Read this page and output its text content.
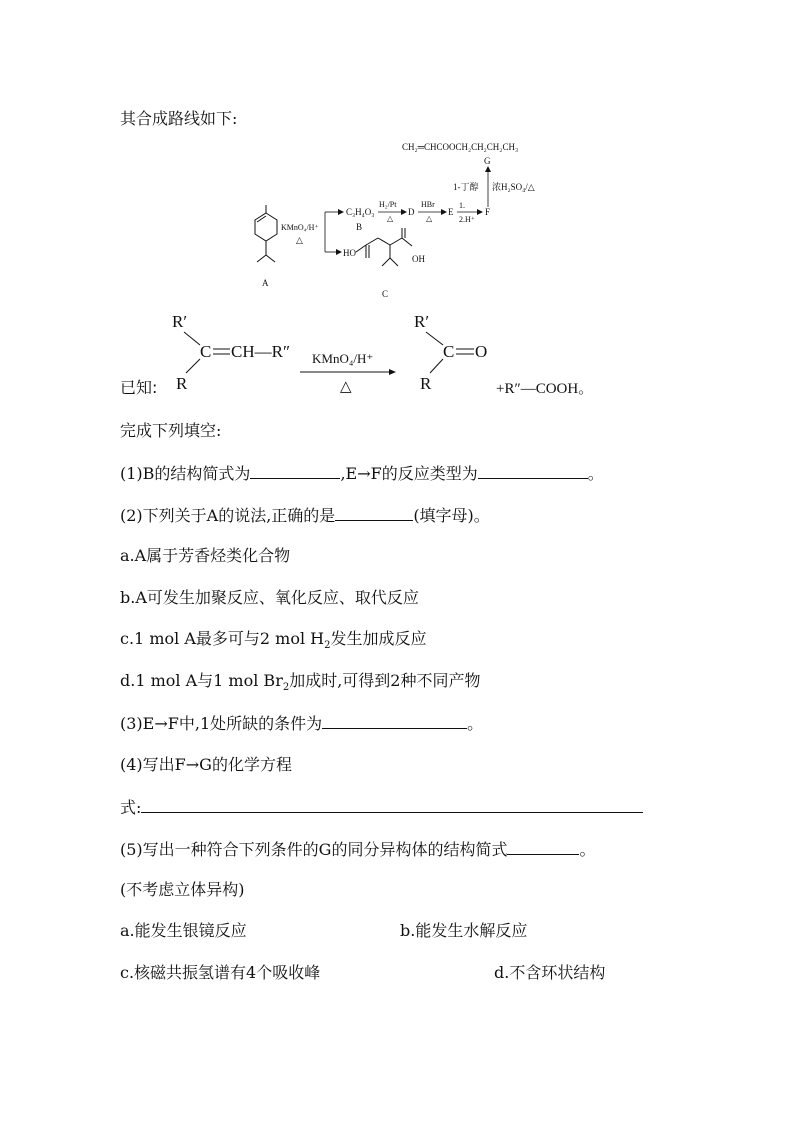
其合成路线如下:
CH₂═CHCOOCH₂CH₂CH₂CH₃
G
1-丁醇 浓H₂SO₄/△
A
KMnO₄/H⁺
△
C₃H₄O₃
B
H₂/Pt
△
D
HBr
△
E
1.
2.H⁺
F
HO
OH
C
已知:
R′
C CH—R″
R
KMnO₄/H⁺
△
R′
C O
R	+R″—COOH。
完成下列填空:
(1)B的结构简式为	,E→F的反应类型为	。
(2)下列关于A的说法,正确的是	(填字母)。
a.A属于芳香烃类化合物
b.A可发生加聚反应、氧化反应、取代反应
c.1 mol A最多可与2 mol $H_2$发生加成反应
d.1 mol A与1 mol $Br_2$加成时,可得到2种不同产物
(3)E→F中,1处所缺的条件为	。
(4)写出F→G的化学方程
式:
(5)写出一种符合下列条件的G的同分异构体的结构简式	。
(不考虑立体异构)
a.能发生银镜反应	b.能发生水解反应
c.核磁共振氢谱有4个吸收峰	d.不含环状结构
